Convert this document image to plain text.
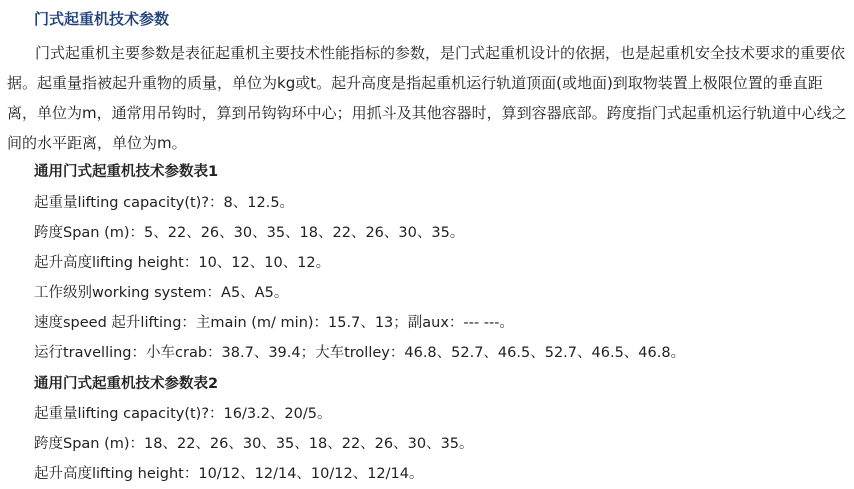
门式起重机技术参数

门式起重机主要参数是表征起重机主要技术性能指标的参数，是门式起重机设计的依据，也是起重机安全技术要求的重要依据。起重量指被起升重物的质量，单位为kg或t。起升高度是指起重机运行轨道顶面(或地面)到取物装置上极限位置的垂直距离，单位为m，通常用吊钩时，算到吊钩钩环中心；用抓斗及其他容器时，算到容器底部。跨度指门式起重机运行轨道中心线之间的水平距离，单位为m。

通用门式起重机技术参数表1

起重量lifting capacity(t)?：8、12.5。

跨度Span (m)：5、22、26、30、35、18、22、26、30、35。

起升高度lifting height：10、12、10、12。

工作级别working system：A5、A5。

速度speed 起升lifting：主main (m/ min)：15.7、13；副aux：--- ---。

运行travelling：小车crab：38.7、39.4；大车trolley：46.8、52.7、46.5、52.7、46.5、46.8。

通用门式起重机技术参数表2

起重量lifting capacity(t)?：16/3.2、20/5。

跨度Span (m)：18、22、26、30、35、18、22、26、30、35。

起升高度lifting height：10/12、12/14、10/12、12/14。
